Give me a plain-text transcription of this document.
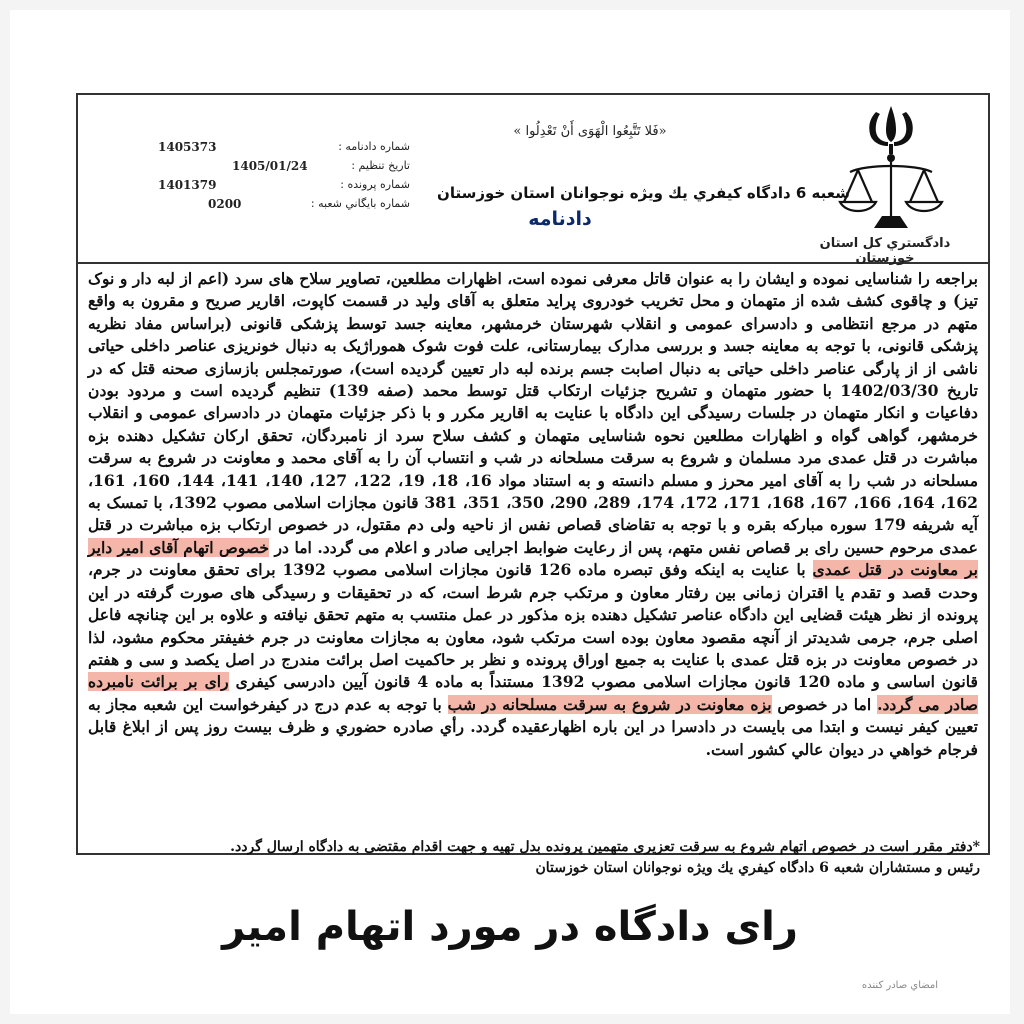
دادگستري كل استان خوزستان
«فَلا تَتَّبِعُوا الْهَوَى أَنْ تَعْدِلُوا »
شعبه 6 دادگاه كيفري يك ويژه نوجوانان استان خوزستان
دادنامه
شماره دادنامه :
1405373
تاريخ تنظيم :
1405/01/24
شماره پرونده :
1401379
شماره بايگاني شعبه :
0200
براجعه را شناسایی نموده و ایشان را به عنوان قاتل معرفی نموده است، اظهارات مطلعین، تصاویر سلاح های سرد (اعم از لبه دار و نوک تیز) و چاقوی کشف شده از متهمان و محل تخریب خودروی پراید متعلق به آقای ولید در قسمت کاپوت، اقاریر صریح و مقرون به واقع متهم در مرجع انتظامی و دادسرای عمومی و انقلاب شهرستان خرمشهر، معاینه جسد توسط پزشکی قانونی (براساس مفاد نظریه پزشکی قانونی، با توجه به معاینه جسد و بررسی مدارک بیمارستانی، علت فوت شوک هموراژیک به دنبال خونریزی عناصر داخلی حیاتی ناشی از از پارگی عناصر داخلی حیاتی به دنبال اصابت جسم برنده لبه دار تعیین گردیده است)، صورتمجلس بازسازی صحنه قتل که در تاریخ 1402/03/30 با حضور متهمان و تشریح جزئیات ارتکاب قتل توسط محمد (صفه 139) تنظیم گردیده است و مردود بودن دفاعیات و انکار متهمان در جلسات رسیدگی این دادگاه با عنایت به اقاریر مکرر و با ذکر جزئیات متهمان در دادسرای عمومی و انقلاب خرمشهر، گواهی گواه و اظهارات مطلعین نحوه شناسایی متهمان و کشف سلاح سرد از نامبردگان، تحقق ارکان تشکیل دهنده بزه مباشرت در قتل عمدی مرد مسلمان و شروع به سرقت مسلحانه در شب و انتساب آن را به آقای محمد و معاونت در شروع به سرقت مسلحانه در شب را به آقای امیر محرز و مسلم دانسته و به استناد مواد 16، 18، 19، 122، 127، 140، 141، 144، 160، 161، 162، 164، 166، 167، 168، 171، 172، 174، 289، 290، 350، 351، 381 قانون مجازات اسلامی مصوب 1392، با تمسک به آیه شریفه 179 سوره مبارکه بقره و با توجه به تقاضای قصاص نفس از ناحیه ولی دم مقتول، در خصوص ارتکاب بزه مباشرت در قتل عمدی مرحوم حسین رای بر قصاص نفس متهم، پس از رعایت ضوابط اجرایی صادر و اعلام می گردد. اما در خصوص اتهام آقای امیر دایر بر معاونت در قتل عمدی با عنایت به اینکه وفق تبصره ماده 126 قانون مجازات اسلامی مصوب 1392 برای تحقق معاونت در جرم، وحدت قصد و تقدم یا اقتران زمانی بین رفتار معاون و مرتکب جرم شرط است، که در تحقیقات و رسیدگی های صورت گرفته در این پرونده از نظر هیئت قضایی این دادگاه عناصر تشکیل دهنده بزه مذکور در عمل منتسب به متهم تحقق نیافته و علاوه بر این چنانچه فاعل اصلی جرم، جرمی شدیدتر از آنچه مقصود معاون بوده است مرتکب شود، معاون به مجازات معاونت در جرم خفیفتر محکوم مشود، لذا در خصوص معاونت در بزه قتل عمدی با عنایت به جمیع اوراق پرونده و نظر بر حاکمیت اصل برائت مندرج در اصل یکصد و سی و هفتم قانون اساسی و ماده 120 قانون مجازات اسلامی مصوب 1392 مستنداً به ماده 4 قانون آیین دادرسی کیفری رای بر برائت نامبرده صادر می گردد. اما در خصوص بزه معاونت در شروع به سرقت مسلحانه در شب با توجه به عدم درج در کیفرخواست این شعبه مجاز به تعیین کیفر نیست و ابتدا می بایست در دادسرا در این باره اظهارعقیده گردد. رأي صادره حضوري و ظرف بيست روز پس از ابلاغ قابل فرجام خواهي در ديوان عالي كشور است.
*دفتر مقرر است در خصوص اتهام شروع به سرقت تعزیری متهمین پرونده بدل تهیه و جهت اقدام مقتضی به دادگاه ارسال گردد.
رئيس و مستشاران شعبه 6 دادگاه كيفري يك ويژه نوجوانان استان خوزستان
رای دادگاه در مورد اتهام امیر
امضاي صادر كننده
